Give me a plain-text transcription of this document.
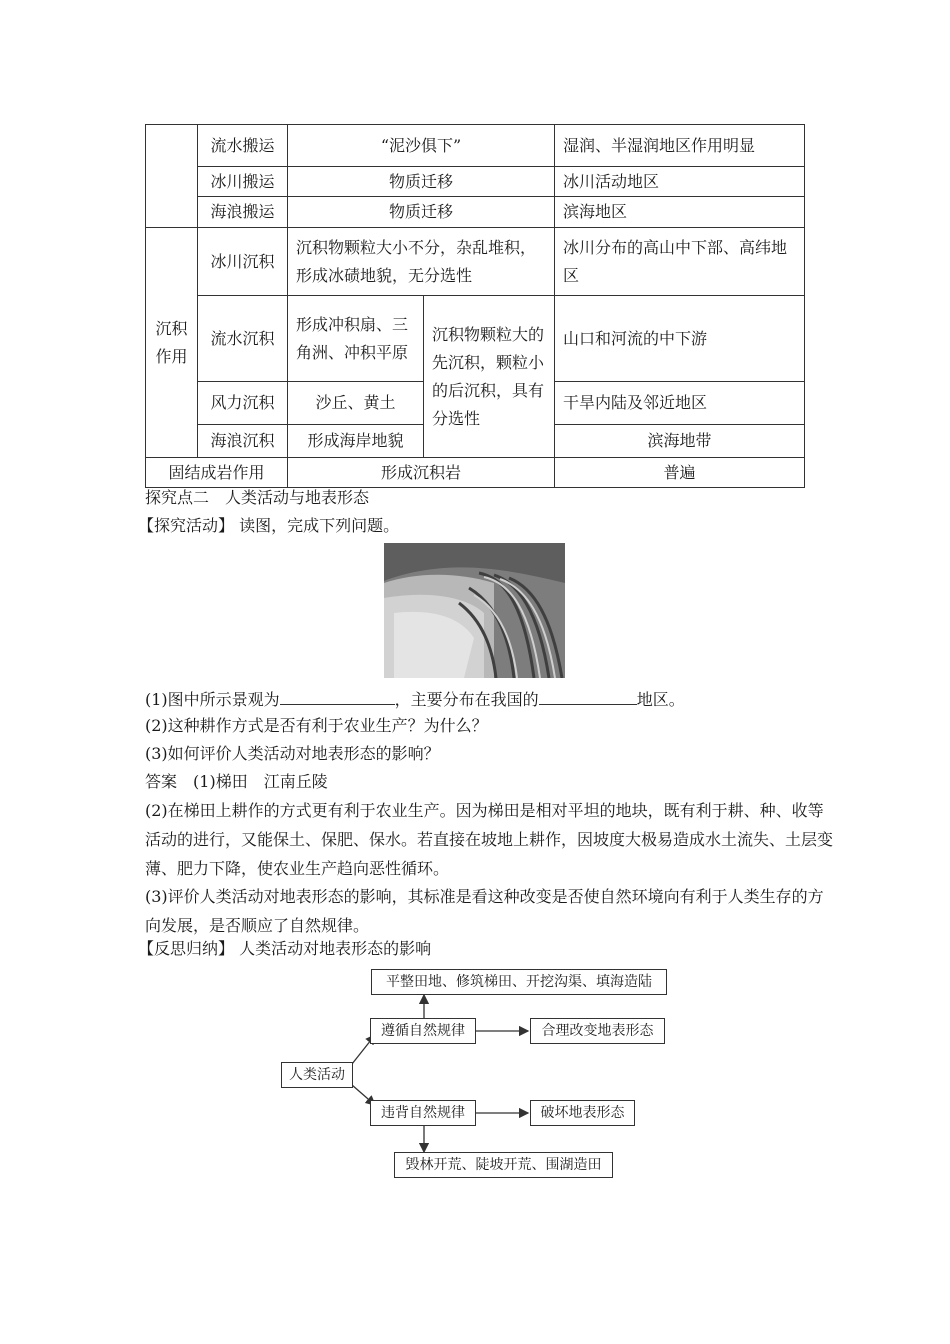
	流水搬运	“泥沙俱下”		湿润、半湿润地区作用明显
	冰川搬运	物质迁移		冰川活动地区
	海浪搬运	物质迁移		滨海地区
沉积作用	冰川沉积	沉积物颗粒大小不分，杂乱堆积，形成冰碛地貌，无分选性		冰川分布的高山中下部、高纬地区
	流水沉积	形成冲积扇、三角洲、冲积平原	沉积物颗粒大的先沉积，颗粒小的后沉积，具有分选性	山口和河流的中下游
	风力沉积	沙丘、黄土		干旱内陆及邻近地区
	海浪沉积	形成海岸地貌		滨海地带
固结成岩作用		形成沉积岩		普遍
探究点二　人类活动与地表形态
【探究活动】 读图，完成下列问题。
(1)图中所示景观为	，主要分布在我国的	地区。
(2)这种耕作方式是否有利于农业生产？为什么？
(3)如何评价人类活动对地表形态的影响？
答案　 (1)梯田　江南丘陵
(2)在梯田上耕作的方式更有利于农业生产。因为梯田是相对平坦的地块，既有利于耕、种、收等活动的进行，又能保土、保肥、保水。若直接在坡地上耕作，因坡度大极易造成水土流失、土层变薄、肥力下降，使农业生产趋向恶性循环。
(3)评价人类活动对地表形态的影响，其标准是看这种改变是否使自然环境向有利于人类生存的方向发展，是否顺应了自然规律。
【反思归纳】 人类活动对地表形态的影响
平整田地、修筑梯田、开挖沟渠、填海造陆
遵循自然规律	合理改变地表形态
人类活动
违背自然规律	破坏地表形态
毁林开荒、陡坡开荒、围湖造田
